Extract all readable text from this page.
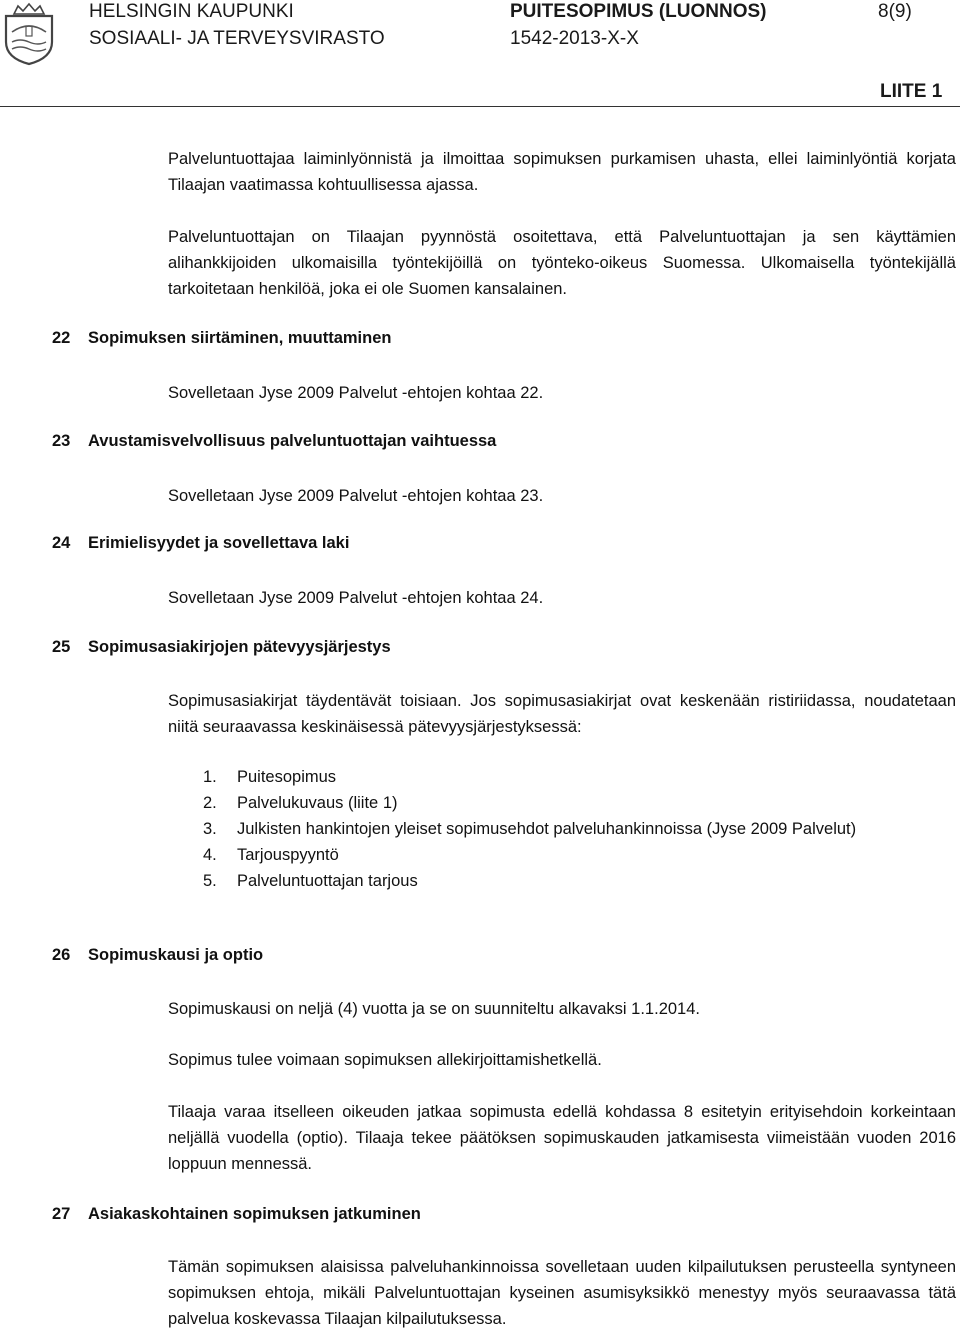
HELSINGIN KAUPUNKI
SOSIAALI- JA TERVEYSVIRASTO
PUITESOPIMUS (LUONNOS)
1542-2013-X-X
8(9)
LIITE 1
Palveluntuottajaa laiminlyönnistä ja ilmoittaa sopimuksen purkamisen uhasta, ellei laiminlyöntiä korjata Tilaajan vaatimassa kohtuullisessa ajassa.
Palveluntuottajan on Tilaajan pyynnöstä osoitettava, että Palveluntuottajan ja sen käyttämien alihankkijoiden ulkomaisilla työntekijöillä on työnteko-oikeus Suomessa. Ulkomaisella työntekijällä tarkoitetaan henkilöä, joka ei ole Suomen kansalainen.
22 Sopimuksen siirtäminen, muuttaminen
Sovelletaan Jyse 2009 Palvelut -ehtojen kohtaa 22.
23 Avustamisvelvollisuus palveluntuottajan vaihtuessa
Sovelletaan Jyse 2009 Palvelut -ehtojen kohtaa 23.
24 Erimielisyydet ja sovellettava laki
Sovelletaan Jyse 2009 Palvelut -ehtojen kohtaa 24.
25 Sopimusasiakirjojen pätevyysjärjestys
Sopimusasiakirjat täydentävät toisiaan. Jos sopimusasiakirjat ovat keskenään ristiriidassa, noudatetaan niitä seuraavassa keskinäisessä pätevyysjärjestyksessä:
1. Puitesopimus
2. Palvelukuvaus (liite 1)
3. Julkisten hankintojen yleiset sopimusehdot palveluhankinnoissa (Jyse 2009 Palvelut)
4. Tarjouspyyntö
5. Palveluntuottajan tarjous
26 Sopimuskausi ja optio
Sopimuskausi on neljä (4) vuotta ja se on suunniteltu alkavaksi 1.1.2014.
Sopimus tulee voimaan sopimuksen allekirjoittamishetkellä.
Tilaaja varaa itselleen oikeuden jatkaa sopimusta edellä kohdassa 8 esitetyin erityisehdoin korkeintaan neljällä vuodella (optio). Tilaaja tekee päätöksen sopimuskauden jatkamisesta viimeistään vuoden 2016 loppuun mennessä.
27 Asiakaskohtainen sopimuksen jatkuminen
Tämän sopimuksen alaisissa palveluhankinnoissa sovelletaan uuden kilpailutuksen perusteella syntyneen sopimuksen ehtoja, mikäli Palveluntuottajan kyseinen asumisyksikkö menestyy myös seuraavassa tätä palvelua koskevassa Tilaajan kilpailutuksessa.
